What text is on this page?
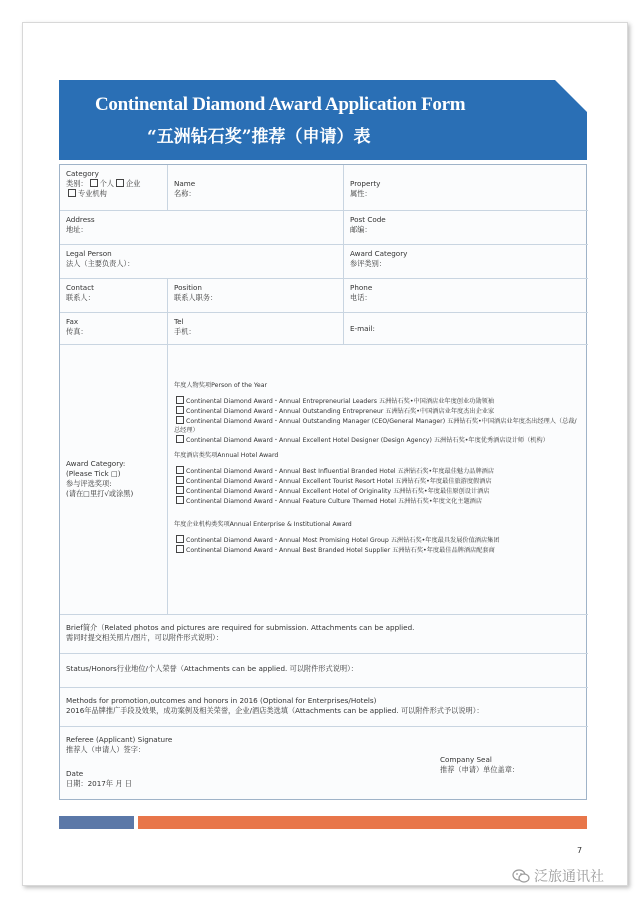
Continental Diamond Award Application Form
“五洲钻石奖”推荐（申请）表
Category
类别： 个人 企业
专业机构
Name
名称：
Property
属性：
Address
地址：
Post Code
邮编：
Legal Person
法人（主要负责人）：
Award Category
参评类别：
Contact
联系人：
Position
联系人职务：
Phone
电话：
Fax
传真：
Tel
手机：	E-mail:
Award Category:
(Please Tick □)
参与评选奖项:
(请在□里打√或涂黑)
年度人物奖项Person of the Year
Continental Diamond Award・Annual Entrepreneurial Leaders 五洲钻石奖•中国酒店业年度创业功勋领袖
Continental Diamond Award・Annual Outstanding Entrepreneur 五洲钻石奖•中国酒店业年度杰出企业家
Continental Diamond Award・Annual Outstanding Manager (CEO/General Manager) 五洲钻石奖•中国酒店业年度杰出经理人（总裁/总经理）
Continental Diamond Award・Annual Excellent Hotel Designer (Design Agency) 五洲钻石奖•年度优秀酒店设计师（机构）
年度酒店类奖项Annual Hotel Award
Continental Diamond Award・Annual Best Influential Branded Hotel 五洲钻石奖•年度最佳魅力品牌酒店
Continental Diamond Award・Annual Excellent Tourist Resort Hotel 五洲钻石奖•年度最佳旅游度假酒店
Continental Diamond Award・Annual Excellent Hotel of Originality 五洲钻石奖•年度最佳原创设计酒店
Continental Diamond Award・Annual Feature Culture Themed Hotel 五洲钻石奖•年度文化主题酒店
年度企业机构类奖项Annual Enterprise & Institutional Award
Continental Diamond Award・Annual Most Promising Hotel Group 五洲钻石奖•年度最具发展价值酒店集团
Continental Diamond Award・Annual Best Branded Hotel Supplier 五洲钻石奖•年度最佳品牌酒店配套商
Brief简介（Related photos and pictures are required for submission. Attachments can be applied.
需同时提交相关照片/图片，可以附件形式说明）：
Status/Honors行业地位/个人荣誉（Attachments can be applied. 可以附件形式说明）：
Methods for promotion,outcomes and honors in 2016 (Optional for Enterprises/Hotels)
2016年品牌推广手段及效果，成功案例及相关荣誉，企业/酒店类选填（Attachments can be applied. 可以附件形式予以说明）：
Referee (Applicant) Signature
推荐人（申请人）签字：
Date
日期：2017年 月 日
Company Seal
推荐（申请）单位盖章：
7
泛旅通讯社
